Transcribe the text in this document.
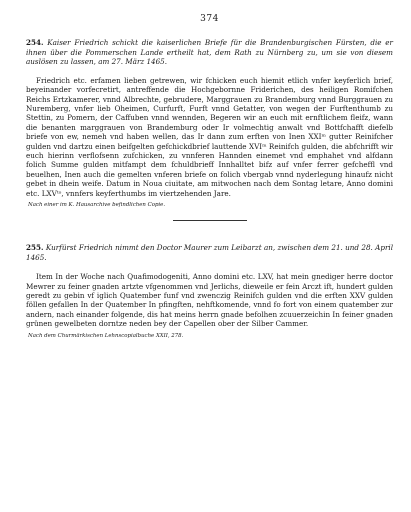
374
254. Kaiser Friedrich schickt die kaiserlichen Briefe für die Brandenburgischen Fürsten, die er ihnen über die Pommerschen Lande ertheilt hat, dem Rath zu Nürnberg zu, um sie von diesem auslösen zu lassen, am 27. März 1465.
Friedrich etc. erfamen lieben getrewen, wir fchicken euch hiemit etlich vnfer keyferlich brief, beyeinander vorfecretirt, antreffende die Hochgebornne Friderichen, des heiligen Romifchen Reichs Ertzkamerer, vnnd Albrechte, gebrudere, Marggrauen zu Brandemburg vnnd Burggrauen zu Nuremberg, vnfer lieb Oheimen, Curfurft, Furft vnnd Getatter, von wegen der Furftenthumb zu Stettin, zu Pomern, der Caffuben vnnd wennden, Begeren wir an euch mit ernftlichem fleifz, wann die benanten marggrauen von Brandemburg oder Ir volmechtig anwalt vnd Bottfchafft diefelb briefe von ew, nemeh vnd haben wellen, das Ir dann zum erften von Inen XXIᵐ gutter Reinifcher gulden vnd dartzu einen beifgelten gefchickdbrief lauttende XVIᵐ Reinifch gulden, die abfchrifft wir euch hierinn verflofsenn zufchicken, zu vnnferen Hannden einemet vnd emphahet vnd alfdann folich Summe gulden mitfampt dem fchuldbrieff Innhalltet bifz auf vnfer ferrer gefcheffl vnd beuelhen, Inen auch die gemelten vnferen briefe on folich vbergab vnnd nyderlegung hinaufz nicht gebet in dhein weife. Datum in Noua ciuitate, am mitwochen nach dem Sontag letare, Anno domini etc. LXVᵗᵒ, vnnfers keyferthumbs im viertzehenden Jare.
Nach einer im K. Hausarchive befindlichen Copie.
255. Kurfürst Friedrich nimmt den Doctor Maurer zum Leibarzt an, zwischen dem 21. und 28. April 1465.
Item In der Woche nach Quafimodogeniti, Anno domini etc. LXV, hat mein gnediger herre doctor Mewrer zu feiner gnaden artzte vfgenommen vnd Jerlichs, dieweile er fein Arczt ift, hundert gulden geredt zu gebin vf iglich Quatember funf vnd zwenczig Reinifch gulden vnd die erften XXV gulden föllen gefallen In der Quatember In pfingften, nehftkomende, vnnd fo fort von einem quatember zur andern, nach einander folgende, dis hat meins herrn gnade befolhen zcuuerzeichin In feiner gnaden grünen gewelbeten dorntze neden bey der Capellen ober der Silber Cammer.
Nach dem Churmärkischen Lehnscopialbuche XXII, 278.
